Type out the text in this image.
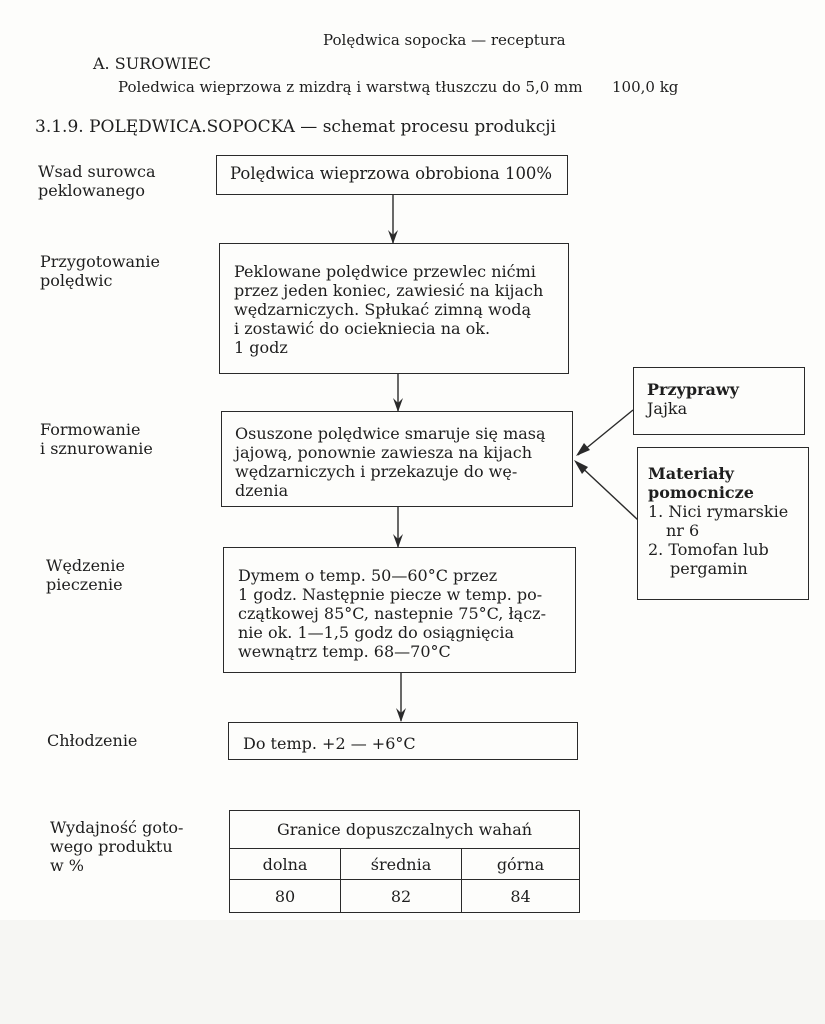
Polędwica sopocka — receptura
A. SUROWIEC
Poledwica wieprzowa z mizdrą i warstwą tłuszczu do 5,0 mm 100,0 kg
3.1.9. POLĘDWICA.SOPOCKA — schemat procesu produkcji
Wsad surowca
peklowanego
Przygotowanie
polędwic
Formowanie
i sznurowanie
Wędzenie
pieczenie
Chłodzenie
Wydajność goto-
wego produktu
w %
Polędwica wieprzowa obrobiona 100%
Peklowane polędwice przewlec nićmi
przez jeden koniec, zawiesić na kijach
wędzarniczych. Spłukać zimną wodą
i zostawić do ociekniecia na ok.
1 godz
Osuszone polędwice smaruje się masą
jajową, ponownie zawiesza na kijach
wędzarniczych i przekazuje do wę-
dzenia
Dymem o temp. 50—60°C przez
1 godz. Następnie piecze w temp. po-
czątkowej 85°C, nastepnie 75°C, łącz-
nie ok. 1—1,5 godz do osiągnięcia
wewnątrz temp. 68—70°C
Do temp. +2 — +6°C
Przyprawy
Jajka
Materiały
pomocnicze
1. Nici rymarskie
nr 6
2. Tomofan lub
pergamin
Granice dopuszczalnych wahań		
dolna	średnia	górna
80	82	84
